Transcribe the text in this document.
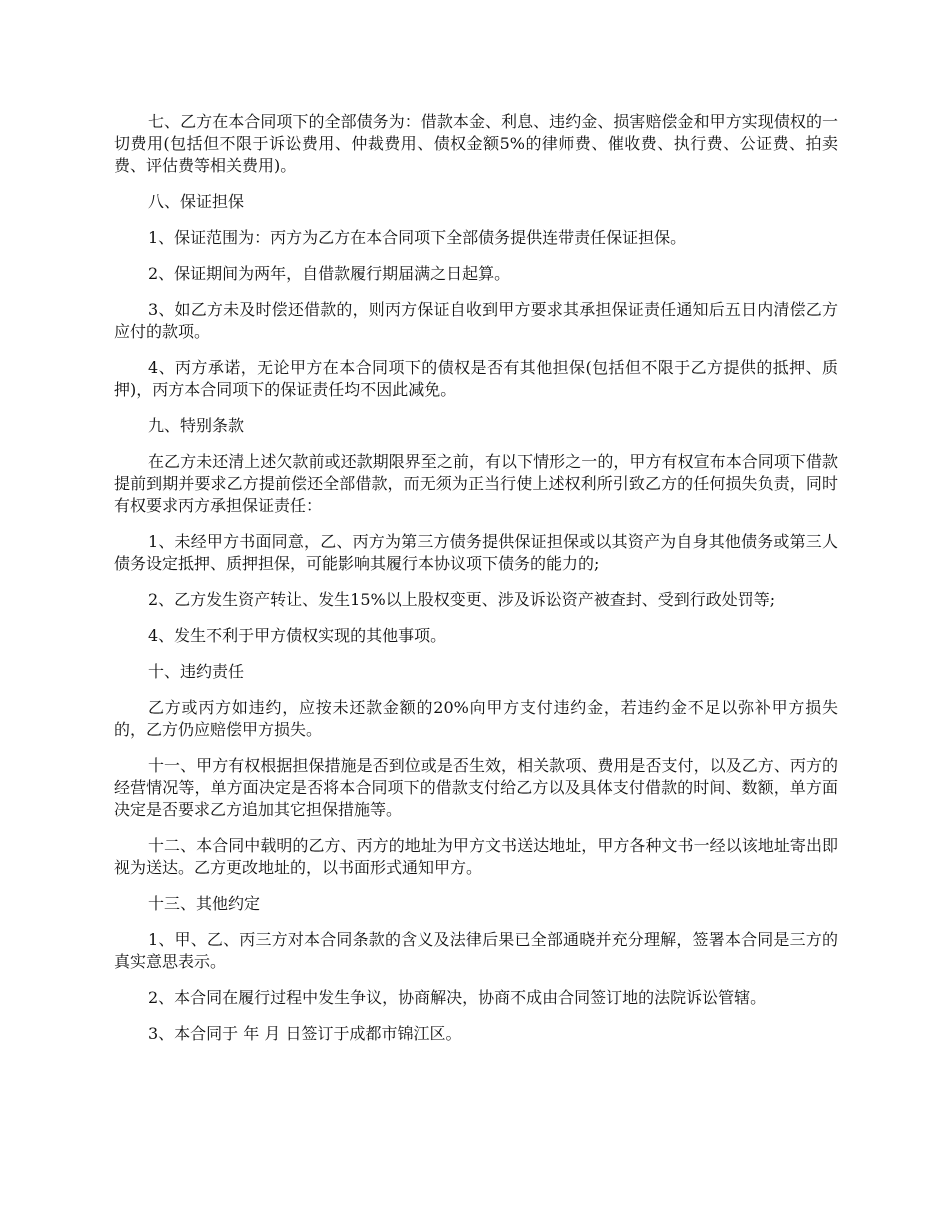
七、乙方在本合同项下的全部债务为：借款本金、利息、违约金、损害赔偿金和甲方实现债权的一切费用(包括但不限于诉讼费用、仲裁费用、债权金额5%的律师费、催收费、执行费、公证费、拍卖费、评估费等相关费用)。

八、保证担保

1、保证范围为：丙方为乙方在本合同项下全部债务提供连带责任保证担保。

2、保证期间为两年，自借款履行期届满之日起算。

3、如乙方未及时偿还借款的，则丙方保证自收到甲方要求其承担保证责任通知后五日内清偿乙方应付的款项。

4、丙方承诺，无论甲方在本合同项下的债权是否有其他担保(包括但不限于乙方提供的抵押、质押)，丙方本合同项下的保证责任均不因此减免。

九、特别条款

在乙方未还清上述欠款前或还款期限界至之前，有以下情形之一的，甲方有权宣布本合同项下借款提前到期并要求乙方提前偿还全部借款，而无须为正当行使上述权利所引致乙方的任何损失负责，同时有权要求丙方承担保证责任：

1、未经甲方书面同意，乙、丙方为第三方债务提供保证担保或以其资产为自身其他债务或第三人债务设定抵押、质押担保，可能影响其履行本协议项下债务的能力的;

2、乙方发生资产转让、发生15%以上股权变更、涉及诉讼资产被查封、受到行政处罚等;

4、发生不利于甲方债权实现的其他事项。

十、违约责任

乙方或丙方如违约，应按未还款金额的20%向甲方支付违约金，若违约金不足以弥补甲方损失的，乙方仍应赔偿甲方损失。

十一、甲方有权根据担保措施是否到位或是否生效，相关款项、费用是否支付，以及乙方、丙方的经营情况等，单方面决定是否将本合同项下的借款支付给乙方以及具体支付借款的时间、数额，单方面决定是否要求乙方追加其它担保措施等。

十二、本合同中载明的乙方、丙方的地址为甲方文书送达地址，甲方各种文书一经以该地址寄出即视为送达。乙方更改地址的，以书面形式通知甲方。

十三、其他约定

1、甲、乙、丙三方对本合同条款的含义及法律后果已全部通晓并充分理解，签署本合同是三方的真实意思表示。

2、本合同在履行过程中发生争议，协商解决，协商不成由合同签订地的法院诉讼管辖。

3、本合同于 年 月 日签订于成都市锦江区。
